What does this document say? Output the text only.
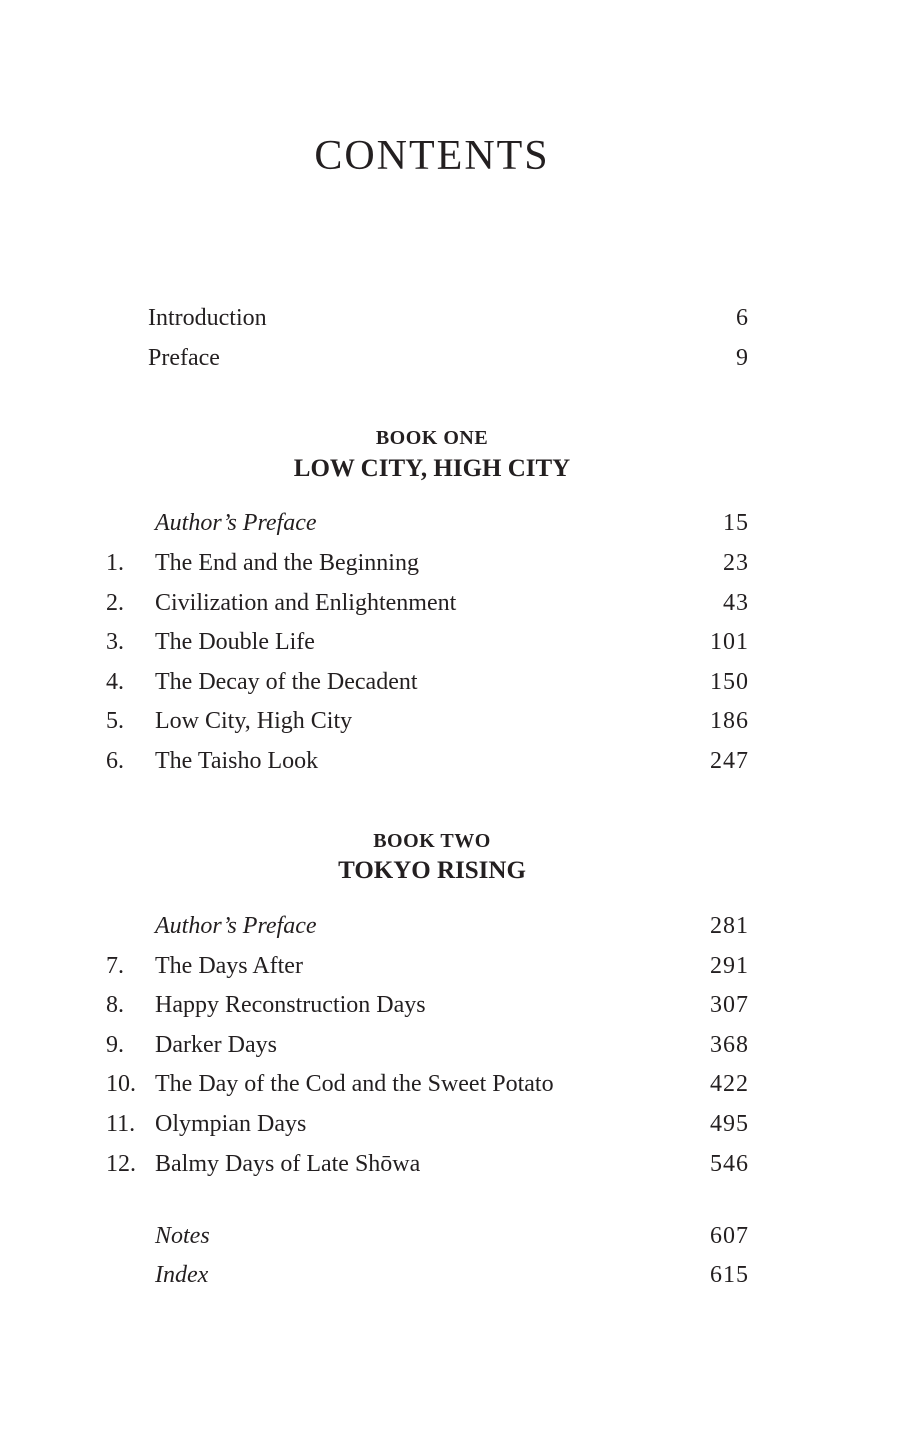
CONTENTS
Introduction	6
Preface	9
BOOK ONE
LOW CITY, HIGH CITY
Author’s Preface	15
1. The End and the Beginning	23
2. Civilization and Enlightenment	43
3. The Double Life	101
4. The Decay of the Decadent	150
5. Low City, High City	186
6. The Taisho Look	247
BOOK TWO
TOKYO RISING
Author’s Preface	281
7. The Days After	291
8. Happy Reconstruction Days	307
9. Darker Days	368
10. The Day of the Cod and the Sweet Potato	422
11. Olympian Days	495
12. Balmy Days of Late Shōwa	546
Notes	607
Index	615
